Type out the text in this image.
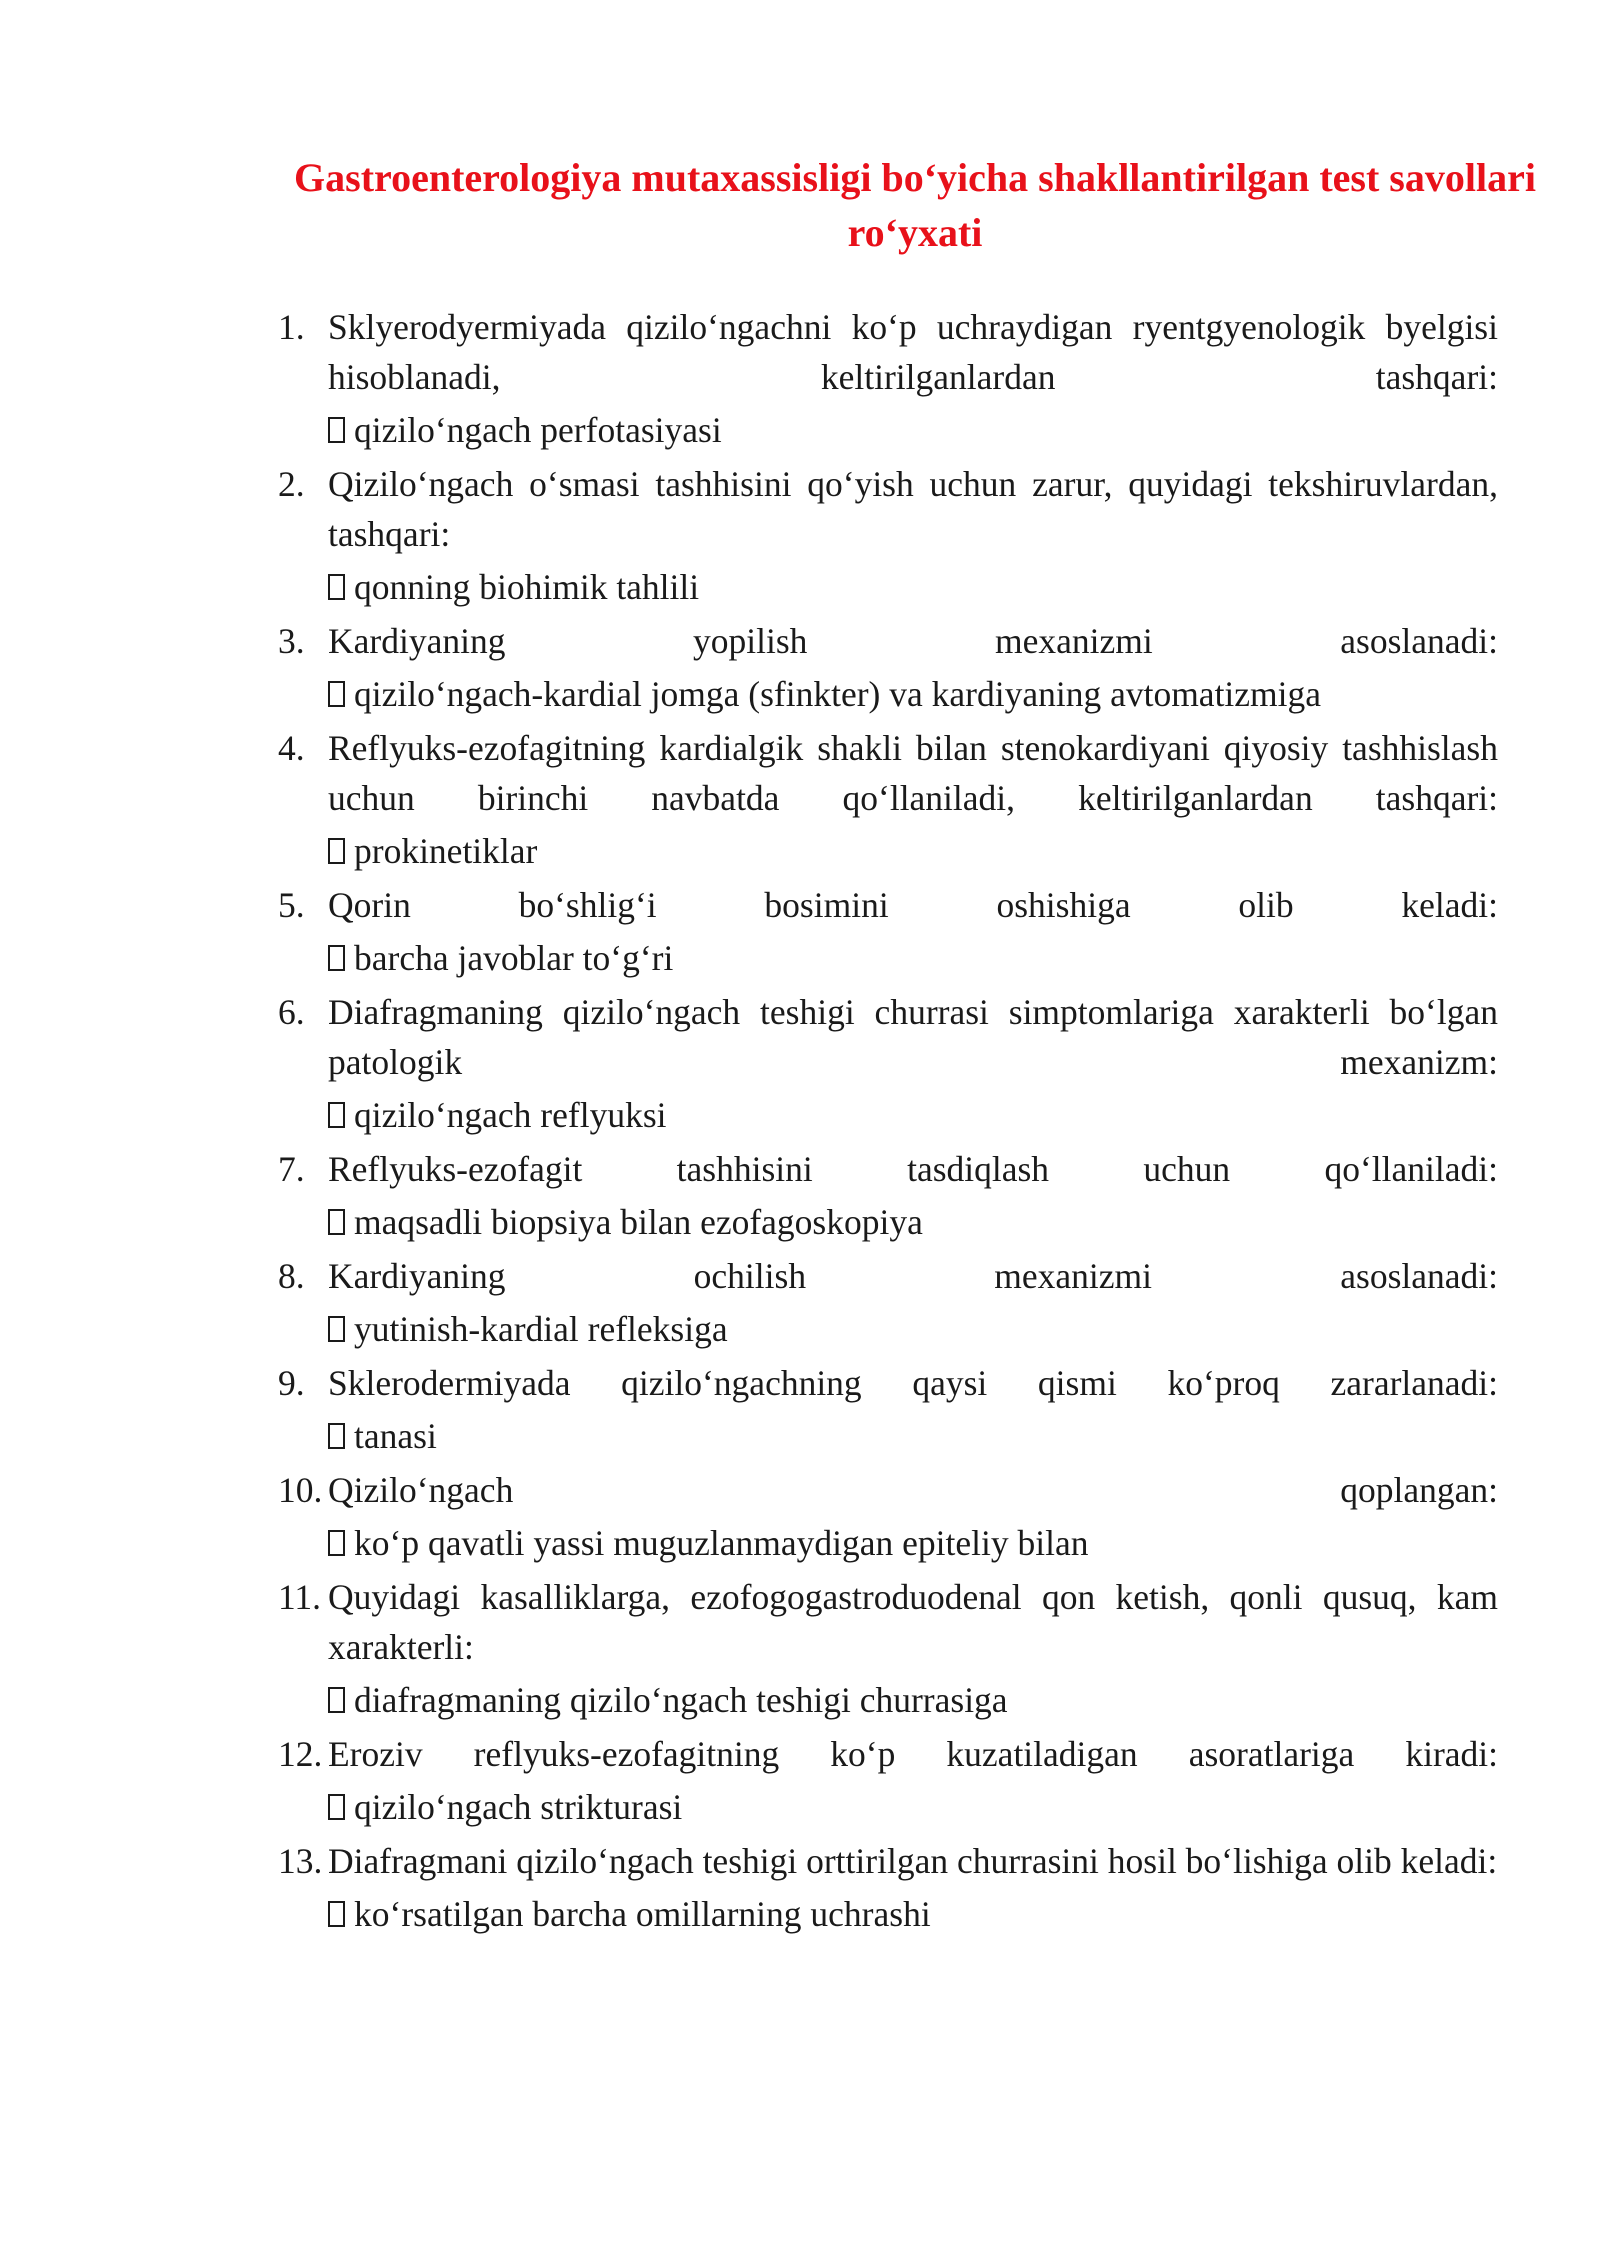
Gastroenterologiya mutaxassisligi bo‘yicha shakllantirilgan test savollari ro‘yxati
1. Sklyerodyermiyada qizilo‘ngachni ko‘p uchraydigan ryentgyenologik byelgisi hisoblanadi, keltirilganlardan tashqari:
qizilo‘ngach perfotasiyasi
2. Qizilo‘ngach o‘smasi tashhisini qo‘yish uchun zarur, quyidagi tekshiruvlardan, tashqari:
qonning biohimik tahlili
3. Kardiyaning yopilish mexanizmi asoslanadi:
qizilo‘ngach-kardial jomga (sfinkter) va kardiyaning avtomatizmiga
4. Reflyuks-ezofagitning kardialgik shakli bilan stenokardiyani qiyosiy tashhislash uchun birinchi navbatda qo‘llaniladi, keltirilganlardan tashqari:
prokinetiklar
5. Qorin bo‘shlig‘i bosimini oshishiga olib keladi:
barcha javoblar to‘g‘ri
6. Diafragmaning qizilo‘ngach teshigi churrasi simptomlariga xarakterli bo‘lgan patologik mexanizm:
qizilo‘ngach reflyuksi
7. Reflyuks-ezofagit tashhisini tasdiqlash uchun qo‘llaniladi:
maqsadli biopsiya bilan ezofagoskopiya
8. Kardiyaning ochilish mexanizmi asoslanadi:
yutinish-kardial refleksiga
9. Sklerodermiyada qizilo‘ngachning qaysi qismi ko‘proq zararlanadi:
tanasi
10. Qizilo‘ngach qoplangan:
ko‘p qavatli yassi muguzlanmaydigan epiteliy bilan
11. Quyidagi kasalliklarga, ezofogogastroduodenal qon ketish, qonli qusuq, kam xarakterli:
diafragmaning qizilo‘ngach teshigi churrasiga
12. Eroziv reflyuks-ezofagitning ko‘p kuzatiladigan asoratlariga kiradi:
qizilo‘ngach strikturasi
13. Diafragmani qizilo‘ngach teshigi orttirilgan churrasini hosil bo‘lishiga olib keladi:
ko‘rsatilgan barcha omillarning uchrashi
